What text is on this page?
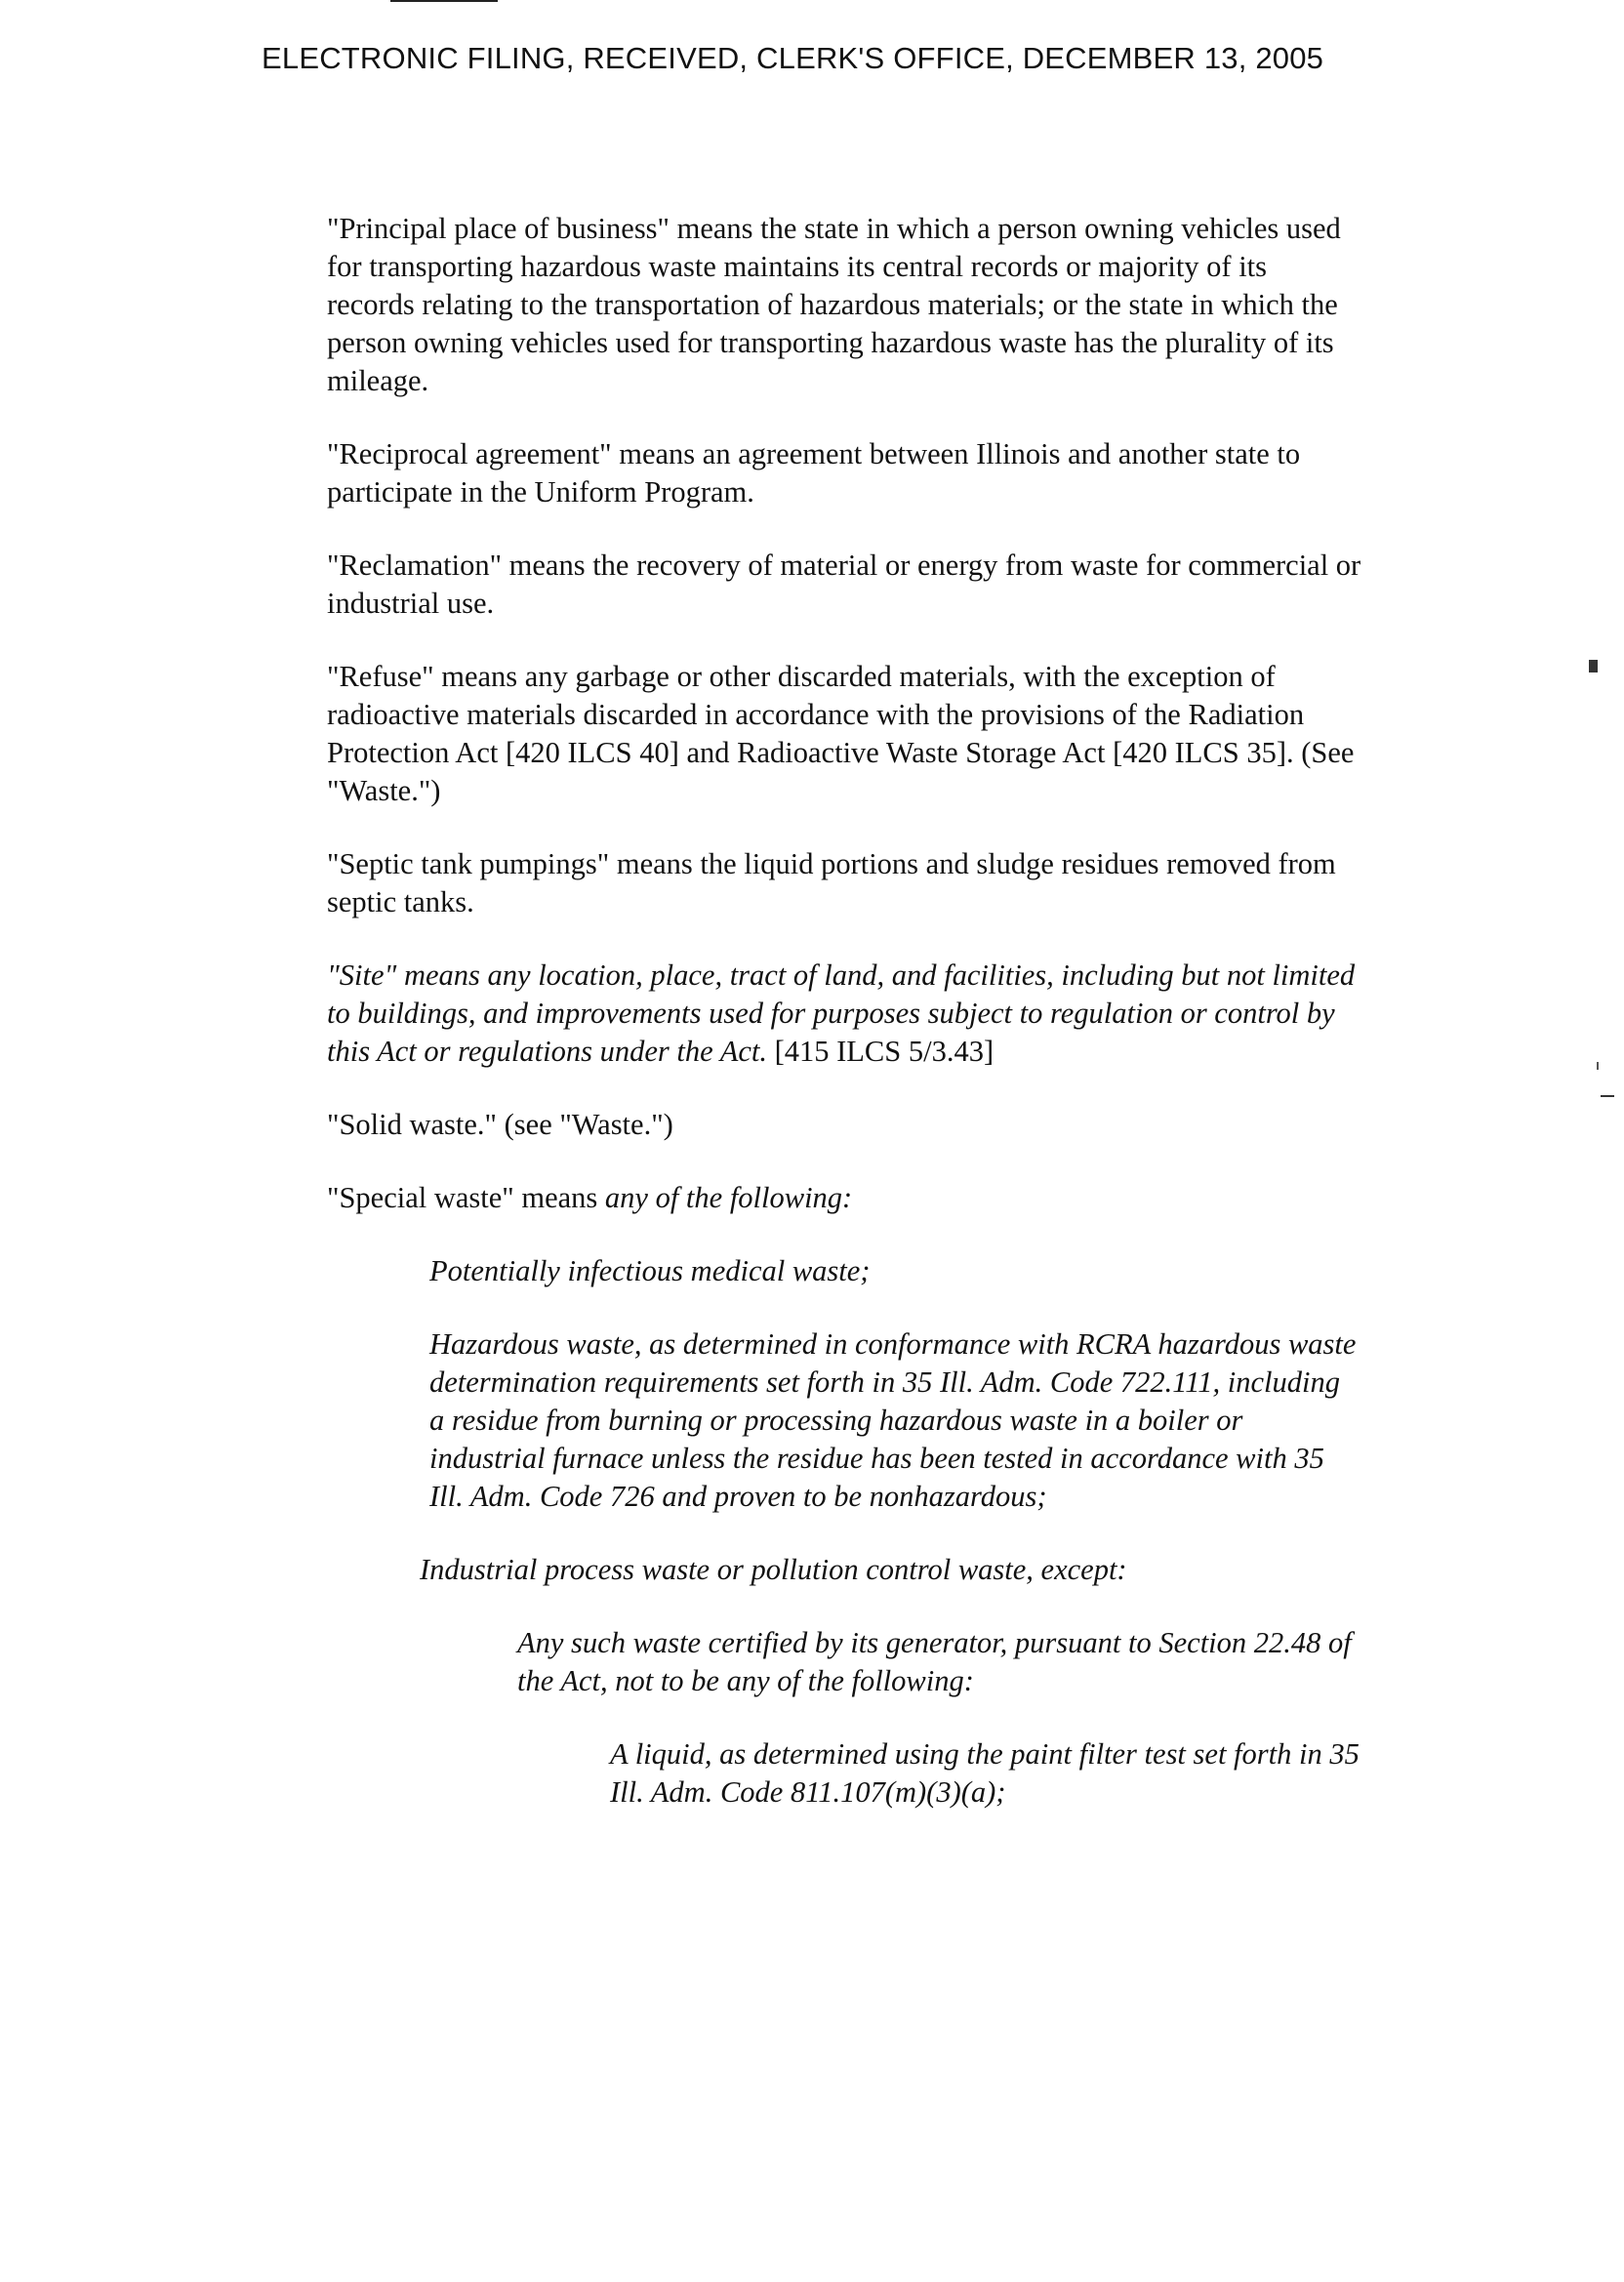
ELECTRONIC FILING, RECEIVED, CLERK'S OFFICE, DECEMBER 13, 2005

"Principal place of business" means the state in which a person owning vehicles used for transporting hazardous waste maintains its central records or majority of its records relating to the transportation of hazardous materials; or the state in which the person owning vehicles used for transporting hazardous waste has the plurality of its mileage.

"Reciprocal agreement" means an agreement between Illinois and another state to participate in the Uniform Program.

"Reclamation" means the recovery of material or energy from waste for commercial or industrial use.

"Refuse" means any garbage or other discarded materials, with the exception of radioactive materials discarded in accordance with the provisions of the Radiation Protection Act [420 ILCS 40] and Radioactive Waste Storage Act [420 ILCS 35]. (See "Waste.")

"Septic tank pumpings" means the liquid portions and sludge residues removed from septic tanks.

"Site" means any location, place, tract of land, and facilities, including but not limited to buildings, and improvements used for purposes subject to regulation or control by this Act or regulations under the Act. [415 ILCS 5/3.43]

"Solid waste." (see "Waste.")

"Special waste" means any of the following:

Potentially infectious medical waste;

Hazardous waste, as determined in conformance with RCRA hazardous waste determination requirements set forth in 35 Ill. Adm. Code 722.111, including a residue from burning or processing hazardous waste in a boiler or industrial furnace unless the residue has been tested in accordance with 35 Ill. Adm. Code 726 and proven to be nonhazardous;

Industrial process waste or pollution control waste, except:

Any such waste certified by its generator, pursuant to Section 22.48 of the Act, not to be any of the following:

A liquid, as determined using the paint filter test set forth in 35 Ill. Adm. Code 811.107(m)(3)(a);
